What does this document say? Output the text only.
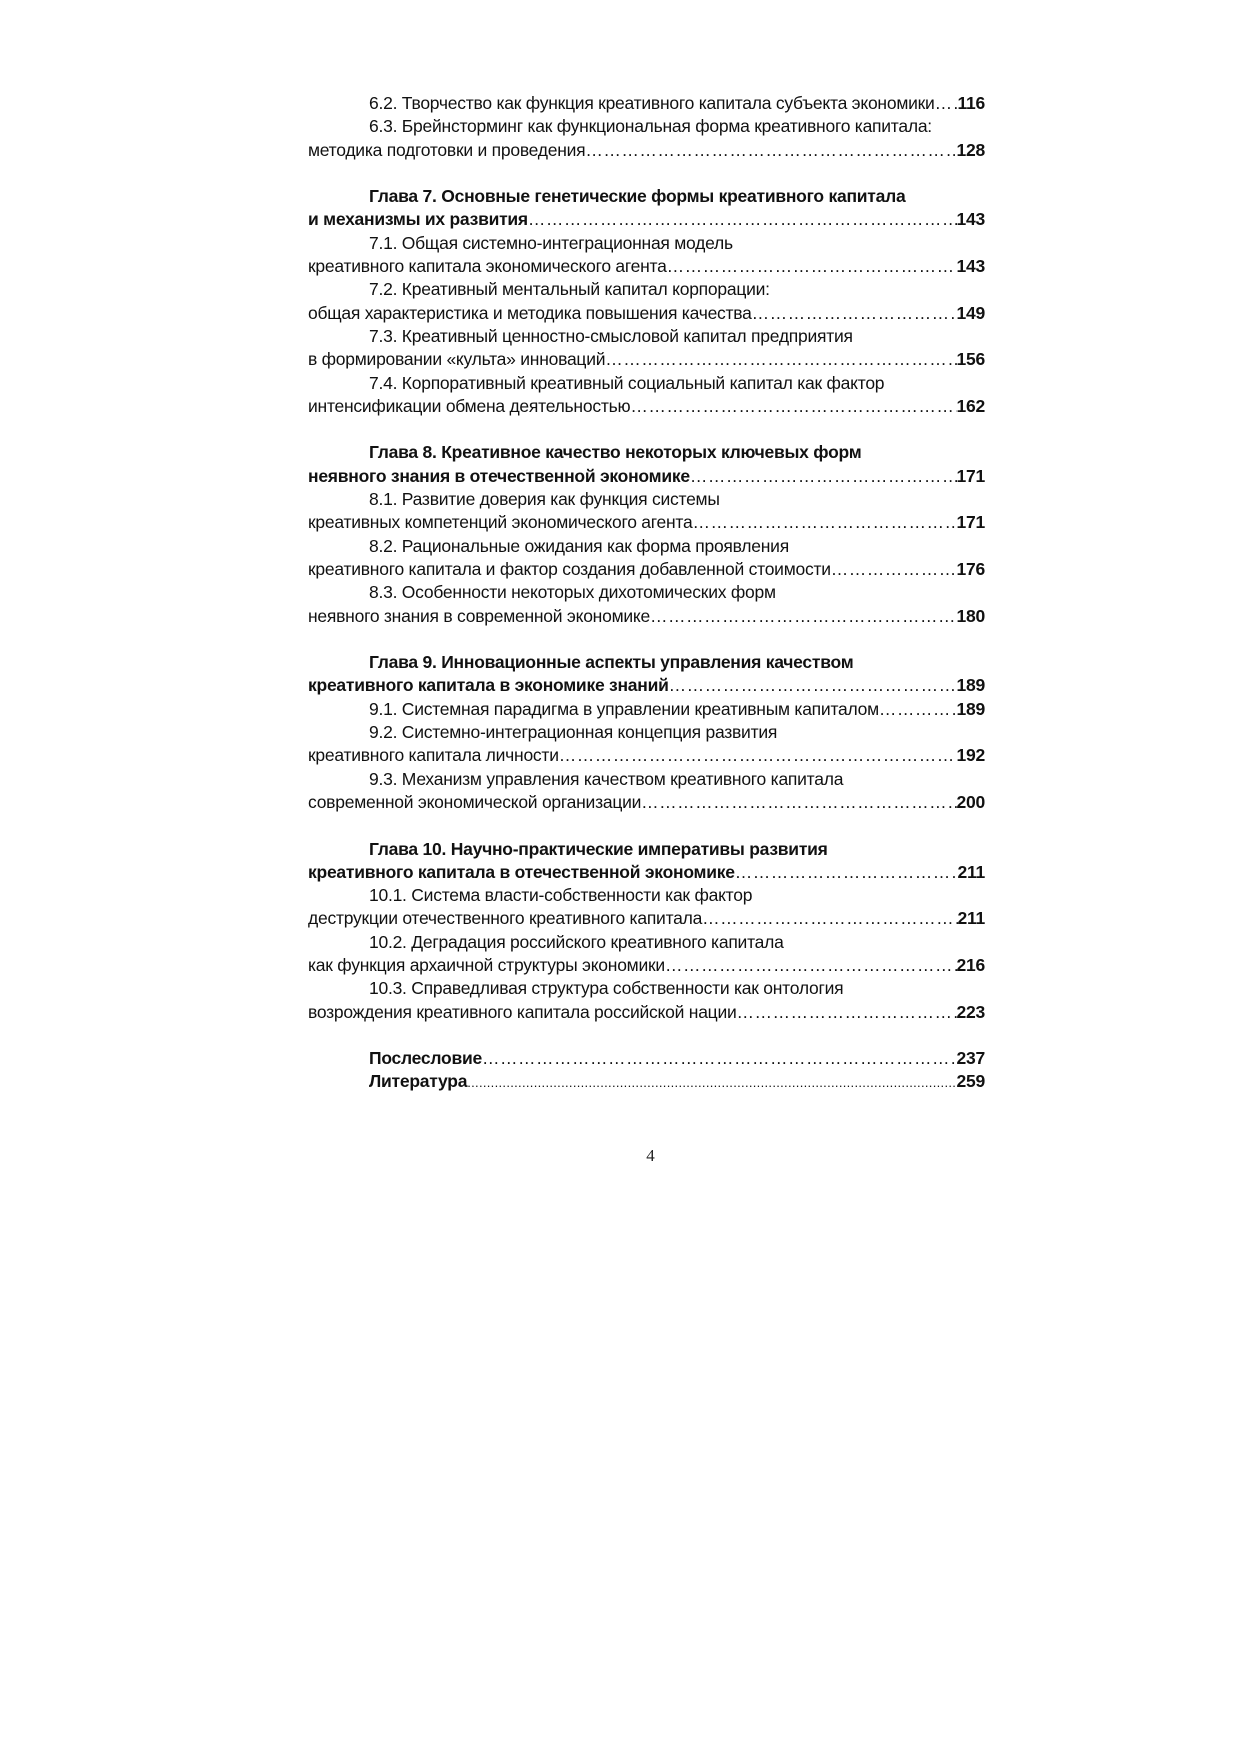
6.2. Творчество как функция креативного капитала субъекта экономики ………………………………………………………………………………………………………………………………………………………………………………………………………………………………………………………………… 116
6.3. Брейнсторминг как функциональная форма креативного капитала:
методика подготовки и проведения …………………………………………………………………………………………………………………………………………………………………………………………………………………………………………………………………	128
Глава 7. Основные генетические формы креативного капитала
и механизмы их развития …………………………………………………………………………………………………………………………………………………………………………………………………………………………………………………………………	143
7.1. Общая системно-интеграционная модель
креативного капитала экономического агента …………………………………………………………………………………………………………………………………………………………………………………………………………………………………………………………………	143
7.2. Креативный ментальный капитал корпорации:
общая характеристика и методика повышения качества …………………………………………………………………………………………………………………………………………………………………………………………………………………………………………………………………	149
7.3. Креативный ценностно-смысловой капитал предприятия
в формировании «культа» инноваций …………………………………………………………………………………………………………………………………………………………………………………………………………………………………………………………………	156
7.4. Корпоративный креативный социальный капитал как фактор
интенсификации обмена деятельностью …………………………………………………………………………………………………………………………………………………………………………………………………………………………………………………………………	162
Глава 8. Креативное качество некоторых ключевых форм
неявного знания в отечественной экономике …………………………………………………………………………………………………………………………………………………………………………………………………………………………………………………………………	171
8.1. Развитие доверия как функция системы
креативных компетенций экономического агента …………………………………………………………………………………………………………………………………………………………………………………………………………………………………………………………………	171
8.2. Рациональные ожидания как форма проявления
креативного капитала и фактор создания добавленной стоимости …………………………………………………………………………………………………………………………………………………………………………………………………………………………………………………………………	176
8.3. Особенности некоторых дихотомических форм
неявного знания в современной экономике …………………………………………………………………………………………………………………………………………………………………………………………………………………………………………………………………	180
Глава 9. Инновационные аспекты управления качеством
креативного капитала в экономике знаний …………………………………………………………………………………………………………………………………………………………………………………………………………………………………………………………………	189
9.1. Системная парадигма в управлении креативным капиталом …………………………………………………………………………………………………………………………………………………………………………………………………………………………………………………………………	189
9.2. Системно-интеграционная концепция развития
креативного капитала личности …………………………………………………………………………………………………………………………………………………………………………………………………………………………………………………………………	192
9.3. Механизм управления качеством креативного капитала
современной экономической организации …………………………………………………………………………………………………………………………………………………………………………………………………………………………………………………………………	200
Глава 10. Научно-практические императивы развития
креативного капитала в отечественной экономике …………………………………………………………………………………………………………………………………………………………………………………………………………………………………………………………………	211
10.1. Система власти-собственности как фактор
деструкции отечественного креативного капитала …………………………………………………………………………………………………………………………………………………………………………………………………………………………………………………………………	211
10.2. Деградация российского креативного капитала
как функция архаичной структуры экономики …………………………………………………………………………………………………………………………………………………………………………………………………………………………………………………………………	216
10.3. Справедливая структура собственности как онтология
возрождения креативного капитала российской нации …………………………………………………………………………………………………………………………………………………………………………………………………………………………………………………………………	223
Послесловие …………………………………………………………………………………………………………………………………………………………………………………………………………………………………………………………………	237
Литература .....	259
4
